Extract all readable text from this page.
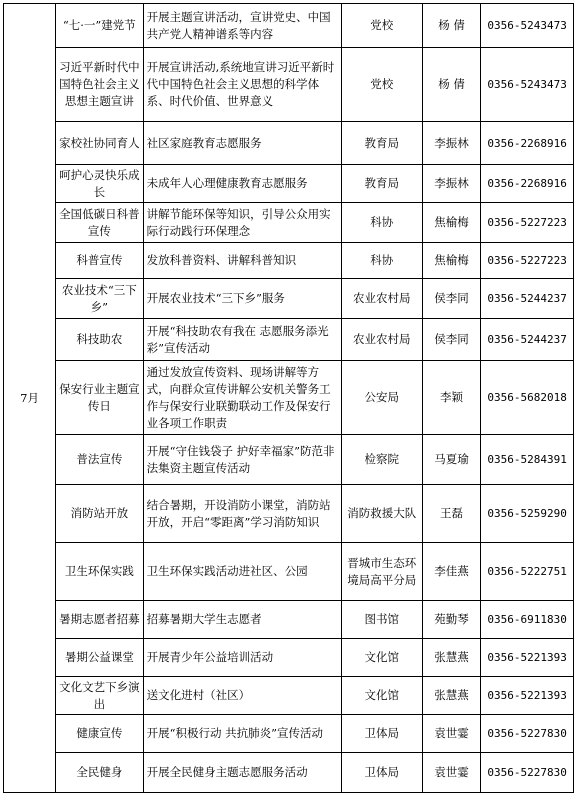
7月	“七·一”建党节	开展主题宣讲活动，宣讲党史、中国共产党人精神谱系等内容	党校	杨 倩	0356-5243473
	习近平新时代中国特色社会主义思想主题宣讲	开展宣讲活动,系统地宣讲习近平新时代中国特色社会主义思想的科学体系、时代价值、世界意义	党校	杨 倩	0356-5243473
	家校社协同育人	社区家庭教育志愿服务	教育局	李振林	0356-2268916
	呵护心灵快乐成长	未成年人心理健康教育志愿服务	教育局	李振林	0356-2268916
	全国低碳日科普宣传	讲解节能环保等知识，引导公众用实际行动践行环保理念	科协	焦榆梅	0356-5227223
	科普宣传	发放科普资料、讲解科普知识	科协	焦榆梅	0356-5227223
	农业技术“三下乡”	开展农业技术“三下乡”服务	农业农村局	侯李同	0356-5244237
	科技助农	开展“科技助农有我在 志愿服务添光彩”宣传活动	农业农村局	侯李同	0356-5244237
	保安行业主题宣传日	通过发放宣传资料、现场讲解等方式，向群众宣传讲解公安机关警务工作与保安行业联勤联动工作及保安行业各项工作职责	公安局	李颖	0356-5682018
	普法宣传	开展“守住钱袋子 护好幸福家”防范非法集资主题宣传活动	检察院	马夏瑜	0356-5284391
	消防站开放	结合暑期，开设消防小课堂，消防站开放，开启“零距离”学习消防知识	消防救援大队	王磊	0356-5259290
	卫生环保实践	卫生环保实践活动进社区、公园	晋城市生态环境局高平分局	李佳燕	0356-5222751
	暑期志愿者招募	招募暑期大学生志愿者	图书馆	苑勤琴	0356-6911830
	暑期公益课堂	开展青少年公益培训活动	文化馆	张慧燕	0356-5221393
	文化文艺下乡演出	送文化进村（社区）	文化馆	张慧燕	0356-5221393
	健康宣传	开展“积极行动 共抗肺炎”宣传活动	卫体局	袁世霎	0356-5227830
	全民健身	开展全民健身主题志愿服务活动	卫体局	袁世霎	0356-5227830
